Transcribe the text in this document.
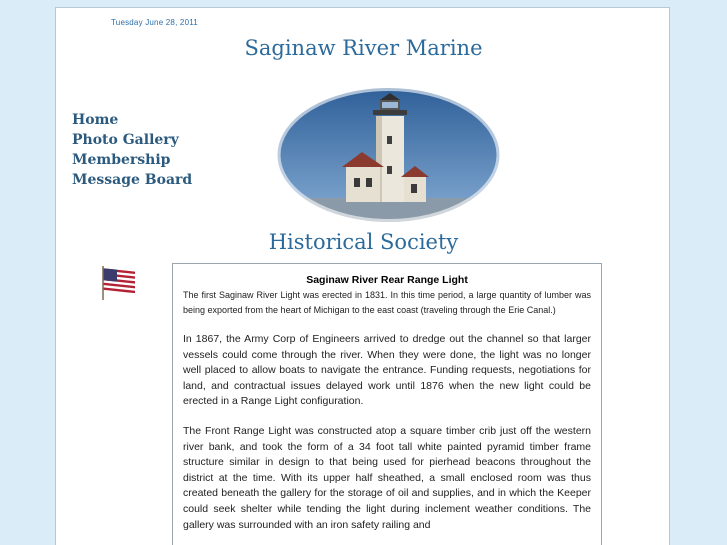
Tuesday June 28, 2011
Saginaw River Marine
Home
Photo Gallery
Membership
Message Board
Historical Society
Saginaw River Rear Range Light

The first Saginaw River Light was erected in 1831. In this time period, a large quantity of lumber was being exported from the heart of Michigan to the east coast (traveling through the Erie Canal.)

In 1867, the Army Corp of Engineers arrived to dredge out the channel so that larger vessels could come through the river. When they were done, the light was no longer well placed to allow boats to navigate the entrance. Funding requests, negotiations for land, and contractual issues delayed work until 1876 when the new light could be erected in a Range Light configuration.

The Front Range Light was constructed atop a square timber crib just off the western river bank, and took the form of a 34 foot tall white painted pyramid timber frame structure similar in design to that being used for pierhead beacons throughout the district at the time. With its upper half sheathed, a small enclosed room was thus created beneath the gallery for the storage of oil and supplies, and in which the Keeper could seek shelter while tending the light during inclement weather conditions. The gallery was surrounded with an iron safety railing and
